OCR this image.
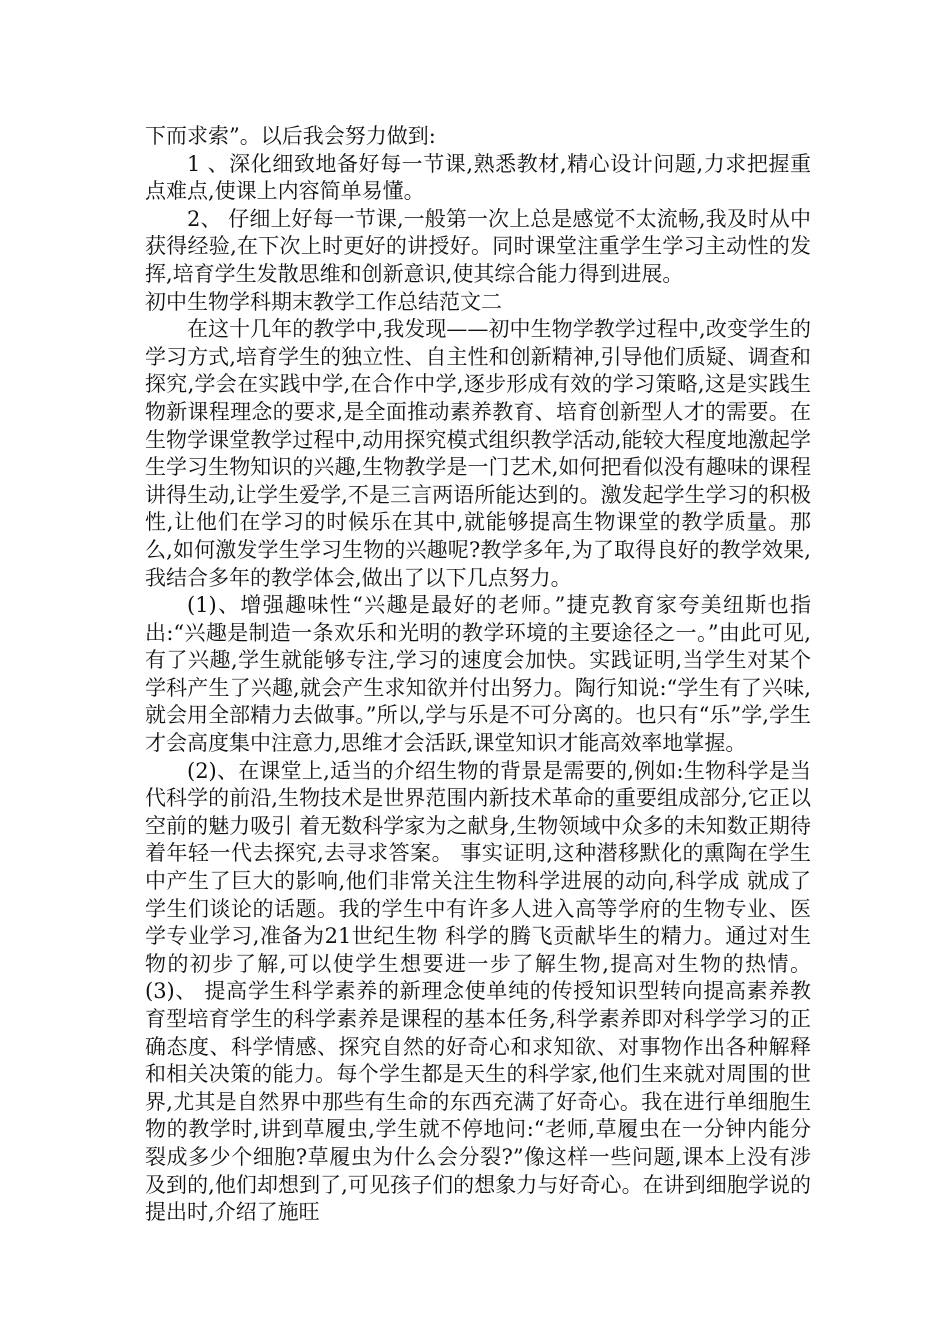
下而求索”。以后我会努力做到:

1 、深化细致地备好每一节课,熟悉教材,精心设计问题,力求把握重点难点,使课上内容简单易懂。

2、 仔细上好每一节课,一般第一次上总是感觉不太流畅,我及时从中获得经验,在下次上时更好的讲授好。同时课堂注重学生学习主动性的发挥,培育学生发散思维和创新意识,使其综合能力得到进展。

初中生物学科期末教学工作总结范文二

在这十几年的教学中,我发现——初中生物学教学过程中,改变学生的学习方式,培育学生的独立性、自主性和创新精神,引导他们质疑、调查和探究,学会在实践中学,在合作中学,逐步形成有效的学习策略,这是实践生物新课程理念的要求,是全面推动素养教育、培育创新型人才的需要。在生物学课堂教学过程中,动用探究模式组织教学活动,能较大程度地激起学生学习生物知识的兴趣,生物教学是一门艺术,如何把看似没有趣味的课程讲得生动,让学生爱学,不是三言两语所能达到的。激发起学生学习的积极性,让他们在学习的时候乐在其中,就能够提高生物课堂的教学质量。那么,如何激发学生学习生物的兴趣呢?教学多年,为了取得良好的教学效果,我结合多年的教学体会,做出了以下几点努力。

(1)、增强趣味性“兴趣是最好的老师。”捷克教育家夸美纽斯也指出:“兴趣是制造一条欢乐和光明的教学环境的主要途径之一。”由此可见,有了兴趣,学生就能够专注,学习的速度会加快。实践证明,当学生对某个学科产生了兴趣,就会产生求知欲并付出努力。陶行知说:“学生有了兴味,就会用全部精力去做事。”所以,学与乐是不可分离的。也只有“乐”学,学生才会高度集中注意力,思维才会活跃,课堂知识才能高效率地掌握。

(2)、在课堂上,适当的介绍生物的背景是需要的,例如:生物科学是当代科学的前沿,生物技术是世界范围内新技术革命的重要组成部分,它正以空前的魅力吸引 着无数科学家为之献身,生物领域中众多的未知数正期待着年轻一代去探究,去寻求答案。 事实证明,这种潜移默化的熏陶在学生中产生了巨大的影响,他们非常关注生物科学进展的动向,科学成 就成了学生们谈论的话题。我的学生中有许多人进入高等学府的生物专业、医学专业学习,准备为21世纪生物 科学的腾飞贡献毕生的精力。通过对生物的初步了解,可以使学生想要进一步了解生物,提高对生物的热情。 (3)、 提高学生科学素养的新理念使单纯的传授知识型转向提高素养教育型培育学生的科学素养是课程的基本任务,科学素养即对科学学习的正确态度、科学情感、探究自然的好奇心和求知欲、对事物作出各种解释和相关决策的能力。每个学生都是天生的科学家,他们生来就对周围的世界,尤其是自然界中那些有生命的东西充满了好奇心。我在进行单细胞生物的教学时,讲到草履虫,学生就不停地问:“老师,草履虫在一分钟内能分裂成多少个细胞?草履虫为什么会分裂?”像这样一些问题,课本上没有涉及到的,他们却想到了,可见孩子们的想象力与好奇心。在讲到细胞学说的提出时,介绍了施旺
